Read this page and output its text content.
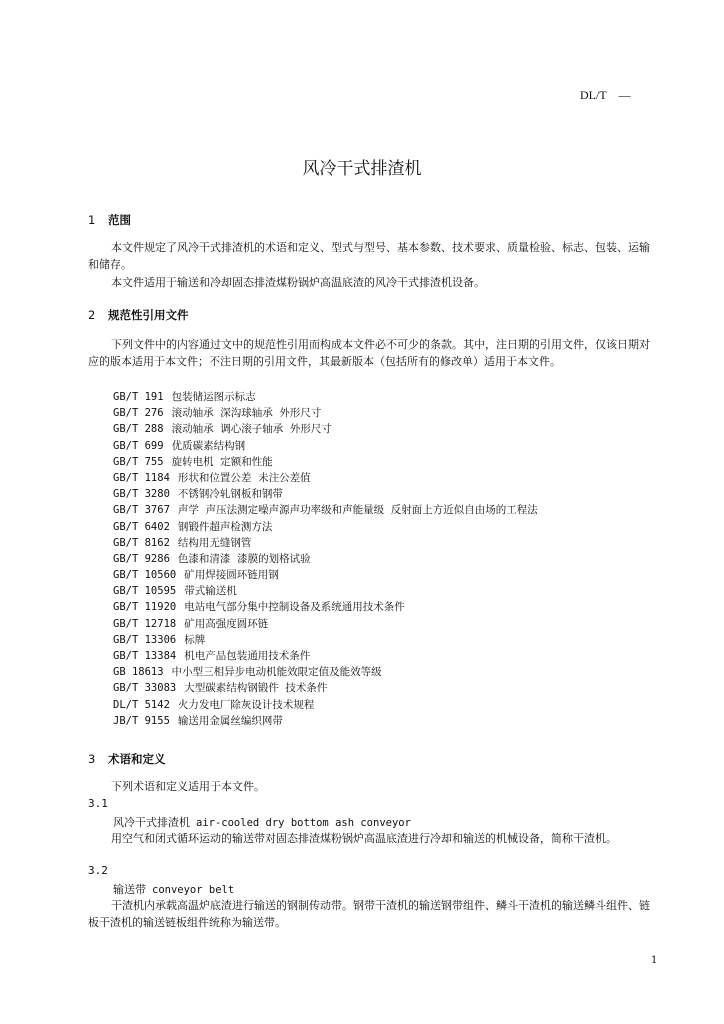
DL/T    —
风冷干式排渣机
1 范围
本文件规定了风冷干式排渣机的术语和定义、型式与型号、基本参数、技术要求、质量检验、标志、包装、运输和储存。
本文件适用于输送和冷却固态排渣煤粉锅炉高温底渣的风冷干式排渣机设备。
2 规范性引用文件
下列文件中的内容通过文中的规范性引用而构成本文件必不可少的条款。其中，注日期的引用文件，仅该日期对应的版本适用于本文件；不注日期的引用文件，其最新版本（包括所有的修改单）适用于本文件。
GB/T 191 包装储运图示标志
GB/T 276 滚动轴承  深沟球轴承  外形尺寸
GB/T 288 滚动轴承  调心滚子轴承  外形尺寸
GB/T 699 优质碳素结构钢
GB/T 755 旋转电机  定额和性能
GB/T 1184 形状和位置公差  未注公差值
GB/T 3280 不锈钢冷轧钢板和钢带
GB/T 3767 声学  声压法测定噪声源声功率级和声能量级  反射面上方近似自由场的工程法
GB/T 6402 钢锻件超声检测方法
GB/T 8162 结构用无缝钢管
GB/T 9286 色漆和清漆  漆膜的划格试验
GB/T 10560 矿用焊接圆环链用钢
GB/T 10595 带式输送机
GB/T 11920 电站电气部分集中控制设备及系统通用技术条件
GB/T 12718 矿用高强度圆环链
GB/T 13306 标牌
GB/T 13384 机电产品包装通用技术条件
GB 18613 中小型三相异步电动机能效限定值及能效等级
GB/T 33083 大型碳素结构钢锻件  技术条件
DL/T 5142 火力发电厂除灰设计技术规程
JB/T 9155 输送用金属丝编织网带
3 术语和定义
下列术语和定义适用于本文件。
3.1
风冷干式排渣机 air-cooled dry bottom ash conveyor
用空气和闭式循环运动的输送带对固态排渣煤粉锅炉高温底渣进行冷却和输送的机械设备，简称干渣机。
3.2
输送带 conveyor belt
干渣机内承载高温炉底渣进行输送的钢制传动带。钢带干渣机的输送钢带组件、鳞斗干渣机的输送鳞斗组件、链板干渣机的输送链板组件统称为输送带。
1
